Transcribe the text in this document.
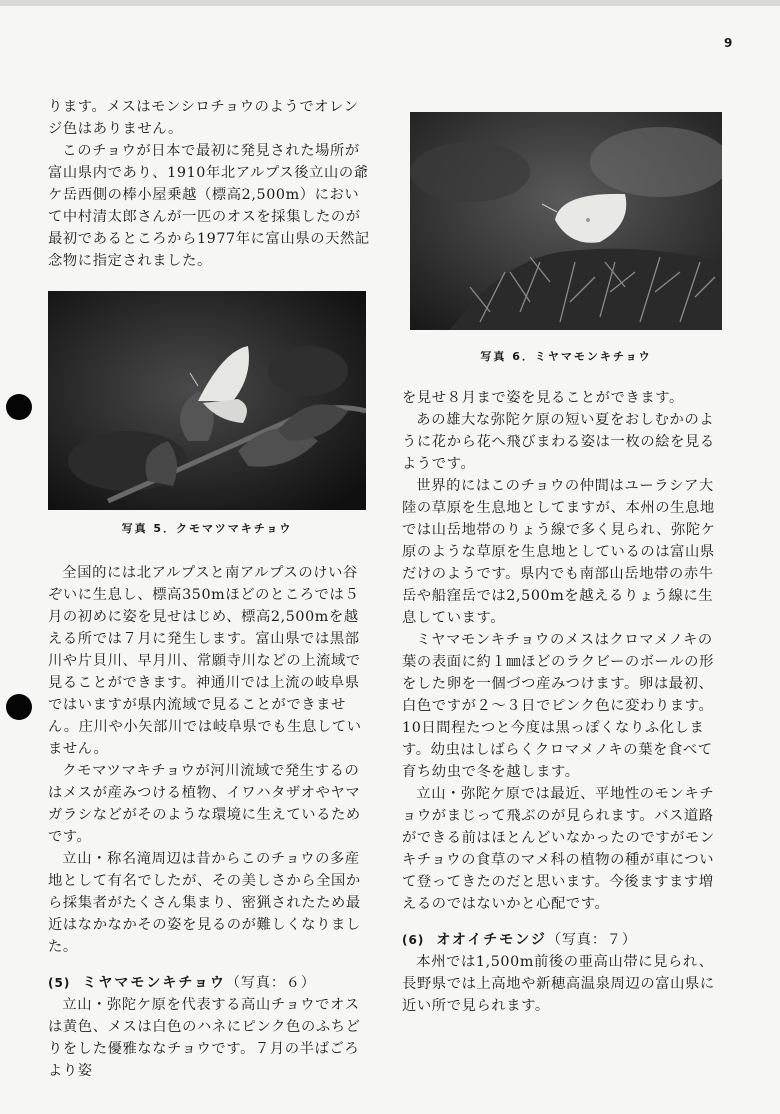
9

ります。メスはモンシロチョウのようでオレンジ色はありません。

このチョウが日本で最初に発見された場所が富山県内であり、1910年北アルプス後立山の爺ケ岳西側の棒小屋乗越（標高2,500m）において中村清太郎さんが一匹のオスを採集したのが最初であるところから1977年に富山県の天然記念物に指定されました。

写真 5．クモマツマキチョウ

全国的には北アルプスと南アルプスのけい谷ぞいに生息し、標高350mほどのところでは５月の初めに姿を見せはじめ、標高2,500mを越える所では７月に発生します。富山県では黒部川や片貝川、早月川、常願寺川などの上流域で見ることができます。神通川では上流の岐阜県ではいますが県内流域で見ることができません。庄川や小矢部川では岐阜県でも生息していません。

クモマツマキチョウが河川流域で発生するのはメスが産みつける植物、イワハタザオやヤマガラシなどがそのような環境に生えているためです。

立山・称名滝周辺は昔からこのチョウの多産地として有名でしたが、その美しさから全国から採集者がたくさん集まり、密猟されたため最近はなかなかその姿を見るのが難しくなりました。

(5) ミヤマモンキチョウ（写真：６）

立山・弥陀ケ原を代表する高山チョウでオスは黄色、メスは白色のハネにピンク色のふちどりをした優雅ななチョウです。７月の半ばごろより姿

写真 6．ミヤマモンキチョウ

を見せ８月まで姿を見ることができます。

あの雄大な弥陀ケ原の短い夏をおしむかのように花から花へ飛びまわる姿は一枚の絵を見るようです。

世界的にはこのチョウの仲間はユーラシア大陸の草原を生息地としてますが、本州の生息地では山岳地帯のりょう線で多く見られ、弥陀ケ原のような草原を生息地としているのは富山県だけのようです。県内でも南部山岳地帯の赤牛岳や船窪岳では2,500mを越えるりょう線に生息しています。

ミヤマモンキチョウのメスはクロマメノキの葉の表面に約１㎜ほどのラクビーのボールの形をした卵を一個づつ産みつけます。卵は最初、白色ですが２～３日でピンク色に変わります。10日間程たつと今度は黒っぽくなりふ化します。幼虫はしばらくクロマメノキの葉を食べて育ち幼虫で冬を越します。

立山・弥陀ケ原では最近、平地性のモンキチョウがまじって飛ぶのが見られます。バス道路ができる前はほとんどいなかったのですがモンキチョウの食草のマメ科の植物の種が車について登ってきたのだと思います。今後ますます増えるのではないかと心配です。

(6) オオイチモンジ（写真：７）

本州では1,500m前後の亜高山帯に見られ、長野県では上高地や新穂高温泉周辺の富山県に近い所で見られます。
